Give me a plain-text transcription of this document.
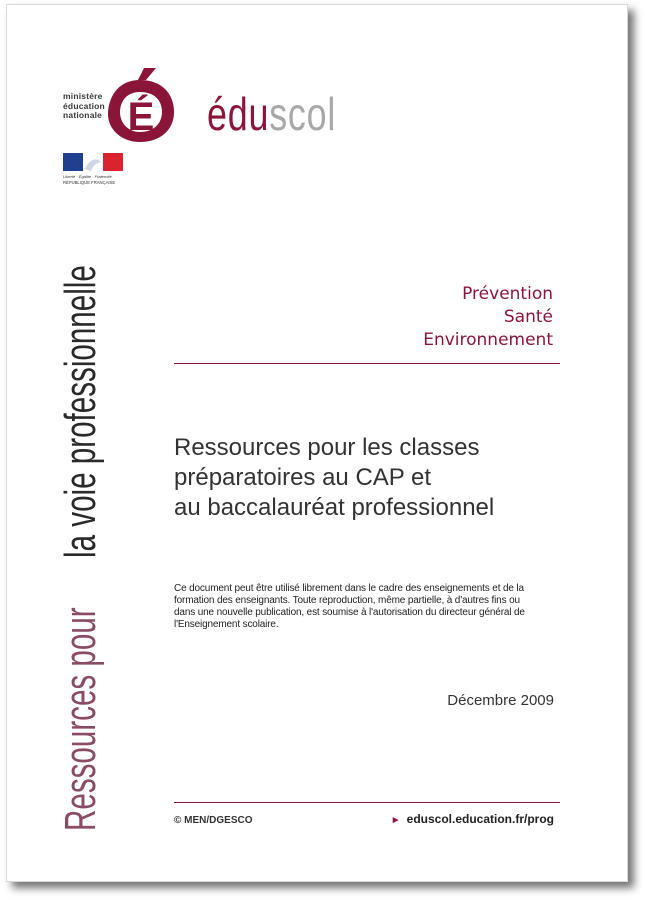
ministère
éducation
nationale É éduscol
Liberté · Égalité · Fraternité
RÉPUBLIQUE FRANÇAISE
Ressources pourla voie professionnelle	Prévention
Santé
Environnement
Ressources pour les classes
préparatoires au CAP et
au baccalauréat professionnel
Ce document peut être utilisé librement dans le cadre des enseignements et de la
formation des enseignants. Toute reproduction, même partielle, à d'autres fins ou
dans une nouvelle publication, est soumise à l'autorisation du directeur général de
l'Enseignement scolaire.
Décembre 2009
© MEN/DGESCO	► eduscol.education.fr/prog
